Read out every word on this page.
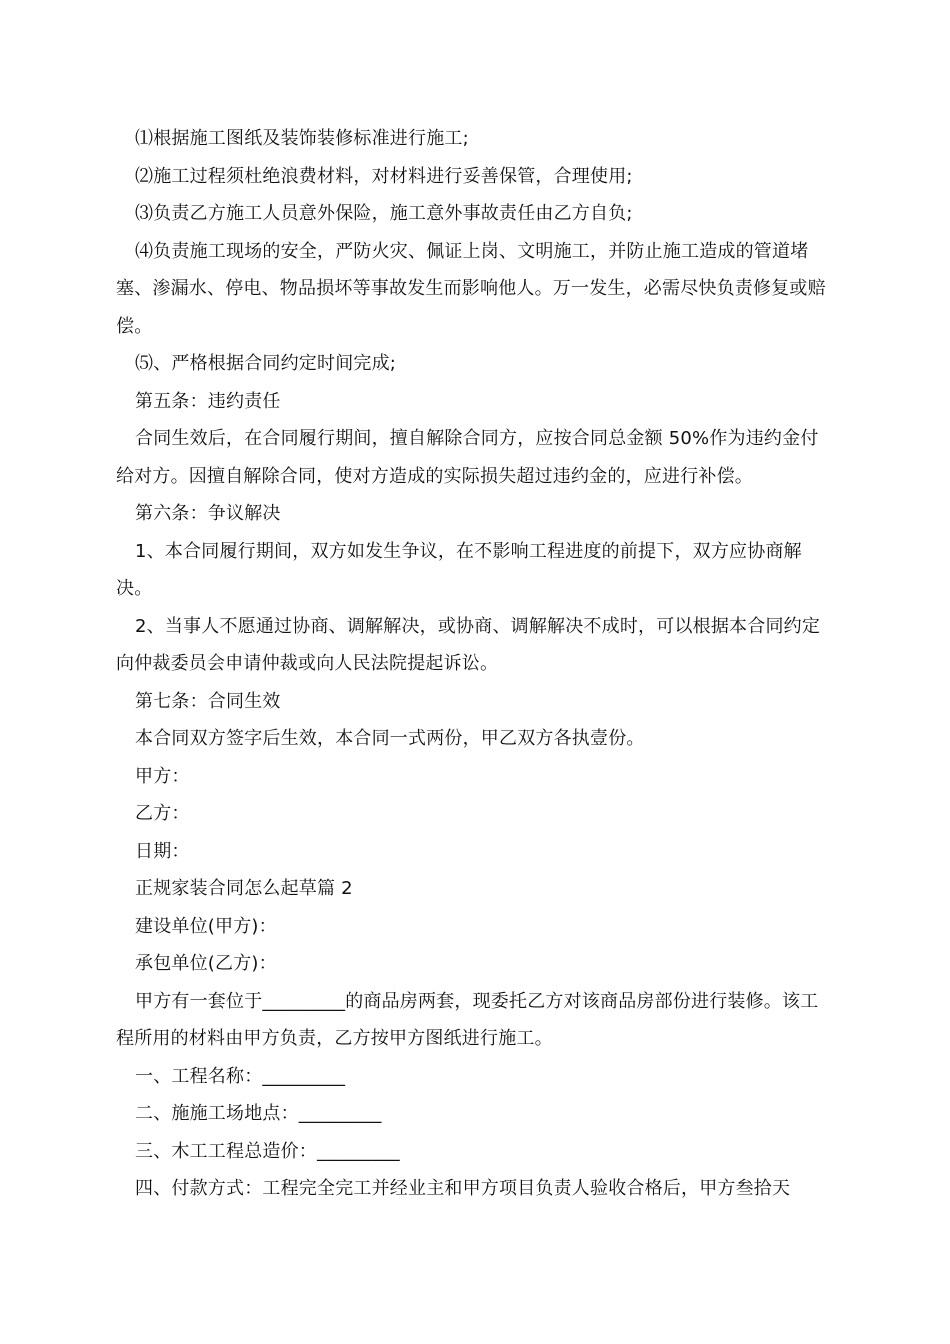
⑴根据施工图纸及装饰装修标准进行施工;

⑵施工过程须杜绝浪费材料，对材料进行妥善保管，合理使用;

⑶负责乙方施工人员意外保险，施工意外事故责任由乙方自负;

⑷负责施工现场的安全，严防火灾、佩证上岗、文明施工，并防止施工造成的管道堵塞、渗漏水、停电、物品损坏等事故发生而影响他人。万一发生，必需尽快负责修复或赔偿。

⑸、严格根据合同约定时间完成;

第五条：违约责任

合同生效后，在合同履行期间，擅自解除合同方，应按合同总金额 50%作为违约金付给对方。因擅自解除合同，使对方造成的实际损失超过违约金的，应进行补偿。

第六条：争议解决

1、本合同履行期间，双方如发生争议，在不影响工程进度的前提下，双方应协商解决。

2、当事人不愿通过协商、调解解决，或协商、调解解决不成时，可以根据本合同约定向仲裁委员会申请仲裁或向人民法院提起诉讼。

第七条：合同生效

本合同双方签字后生效，本合同一式两份，甲乙双方各执壹份。

甲方：

乙方：

日期：

正规家装合同怎么起草篇 2

建设单位(甲方)：

承包单位(乙方)：

甲方有一套位于_________的商品房两套，现委托乙方对该商品房部份进行装修。该工程所用的材料由甲方负责，乙方按甲方图纸进行施工。

一、工程名称：_________

二、施施工场地点：_________

三、木工工程总造价：_________

四、付款方式：工程完全完工并经业主和甲方项目负责人验收合格后，甲方叁拾天
